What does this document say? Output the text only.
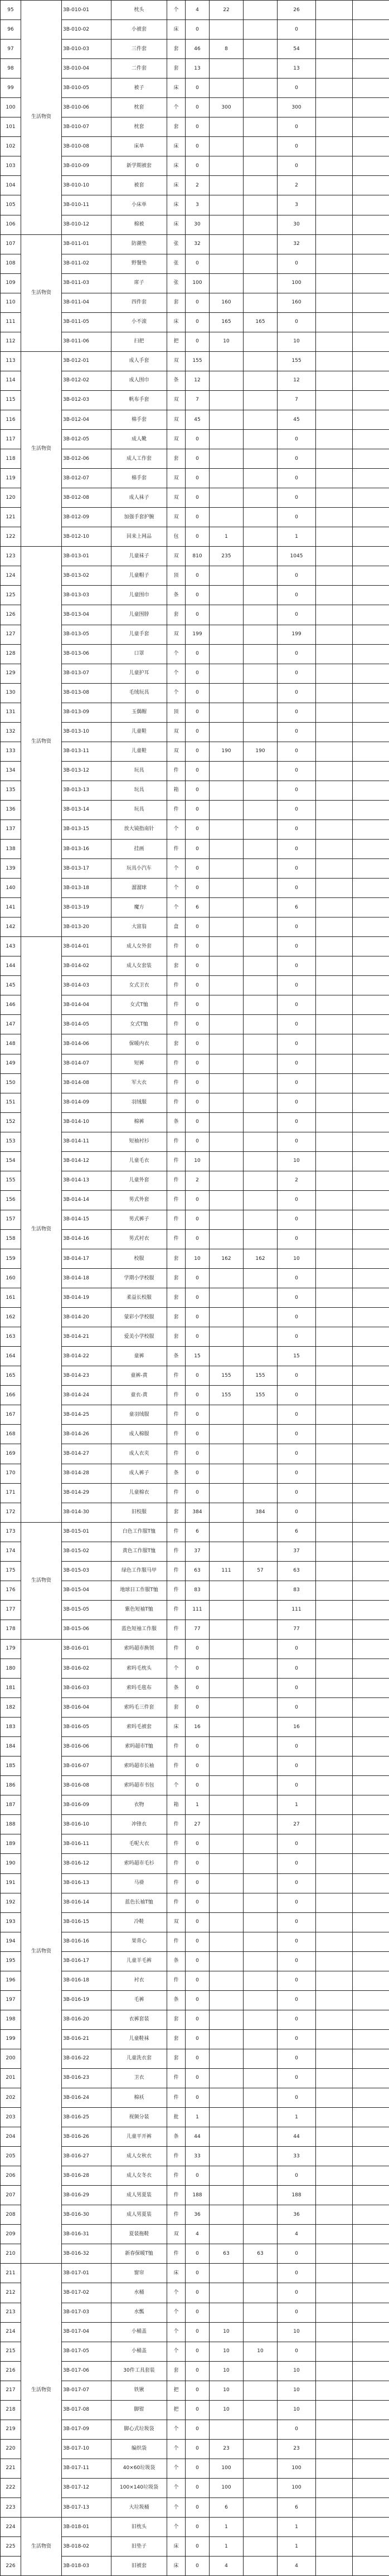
95	生活物资	3B-010-01	枕头	个	4	22		26		
96		3B-010-02	小被套	床	0			0		
97		3B-010-03	三件套	套	46	8		54		
98		3B-010-04	二件套	套	13			13		
99		3B-010-05	被子	床	0			0		
100		3B-010-06	枕套	个	0	300		300		
101		3B-010-07	枕套	套	0			0		
102		3B-010-08	床单	床	0			0		
103		3B-010-09	新学期被套	床	0			0		
104		3B-010-10	被套	床	2			2		
105		3B-010-11	小床单	床	3			3		
106		3B-010-12	棉被	床	30			30		
107	生活物资	3B-011-01	防潮垫	张	32			32		
108		3B-011-02	野餐垫	张	0			0		
109		3B-011-03	席子	张	100			100		
110		3B-011-04	四件套	套	0	160		160		
111		3B-011-05	小不滚	床	0	165	165	0		
112		3B-011-06	扫把	把	0	10		10		
113	生活物资	3B-012-01	成人手套	双	155			155		
114		3B-012-02	成人围巾	条	12			12		
115		3B-012-03	帆布手套	双	7			7		
116		3B-012-04	棉手套	双	45			45		
117		3B-012-05	成人靴	双	0			0		
118		3B-012-06	成人工作套	套	0			0		
119		3B-012-07	棉手套	双	0			0		
120		3B-012-08	成人袜子	双	0			0		
121		3B-012-09	加强手套护腕	双	0			0		
122		3B-012-10	回来上网品	包	0	1		1		
123	生活物资	3B-013-01	儿童袜子	双	810	235		1045		
124		3B-013-02	儿童帽子	顶	0			0		
125		3B-013-03	儿童围巾	条	0			0		
126		3B-013-04	儿童围脖	套	0			0		
127		3B-013-05	儿童手套	双	199			199		
128		3B-013-06	口罩	个	0			0		
129		3B-013-07	儿童护耳	个	0			0		
130		3B-013-08	毛绒玩具	个	0			0		
131		3B-013-09	玉偶帽	顶	0			0		
132		3B-013-10	儿童鞋	双	0			0		
133		3B-013-11	儿童鞋	双	0	190	190	0		
134		3B-013-12	玩具	件	0			0		
135		3B-013-13	玩具	箱	0			0		
136		3B-013-14	玩具	件	0			0		
137		3B-013-15	放大镜指南针	个	0			0		
138		3B-013-16	挂画	件	0			0		
139		3B-013-17	玩具小汽车	个	0			0		
140		3B-013-18	溜溜球	个	0			0		
141		3B-013-19	魔方	个	6			6		
142		3B-013-20	大富翁	盒	0			0		
143	生活物资	3B-014-01	成人女外套	件	0			0		
144		3B-014-02	成人女套装	套	0			0		
145		3B-014-03	女式卫衣	件	0			0		
146		3B-014-04	女式T恤	件	0			0		
147		3B-014-05	女式T恤	件	0			0		
148		3B-014-06	保暖内衣	套	0			0		
149		3B-014-07	短裤	件	0			0		
150		3B-014-08	军大衣	件	0			0		
151		3B-014-09	羽绒服	件	0			0		
152		3B-014-10	棉裤	条	0			0		
153		3B-014-11	短袖衬衫	件	0			0		
154		3B-014-12	儿童毛衣	件	10			10		
155		3B-014-13	儿童外套	件	2			2		
156		3B-014-14	男式外套	件	0			0		
157		3B-014-15	男式裤子	件	0			0		
158		3B-014-16	男式衬衣	件	0			0		
159		3B-014-17	校服	套	10	162	162	10		
160		3B-014-18	学期小学校服	套	0			0		
161		3B-014-19	柔益长校服	套	0			0		
162		3B-014-20	蒙彩小学校服	套	0			0		
163		3B-014-21	爱美小学校服	套	0			0		
164		3B-014-22	童裤	条	15			15		
165		3B-014-23	童裤-黄	件	0	155	155	0		
166		3B-014-24	童衣-黄	件	0	155	155	0		
167		3B-014-25	童羽绒服	件	0			0		
168		3B-014-26	成人棉服	件	0			0		
169		3B-014-27	成人衣夹	件	0			0		
170		3B-014-28	成人裤子	条	0			0		
171		3B-014-29	儿童棉衣	件	0			0		
172		3B-014-30	旧校服	套	384		384	0		
173	生活物资	3B-015-01	白色工作服T恤	件	6			6		
174		3B-015-02	黄色工作服T恤	件	37			37		
175		3B-015-03	绿色工作服马甲	件	63	111	57	63		
176		3B-015-04	地球日工作服T恤	件	83			83		
177		3B-015-05	紫色短袖T恤	件	111			111		
178		3B-015-06	蓝色短袖工作服	件	77			77		
179	生活物资	3B-016-01	索吗超市换领	件	0			0		
180		3B-016-02	索吗毛枕头	个	0			0		
181		3B-016-03	索吗毛毯布	条	0			0		
182		3B-016-04	索吗毛三件套	套	0			0		
183		3B-016-05	索吗毛被套	床	16			16		
184		3B-016-06	索吗超市T恤	件	0			0		
185		3B-016-07	索吗超市长袖	件	0			0		
186		3B-016-08	索吗超市书包	个	0			0		
187		3B-016-09	衣物	箱	1			1		
188		3B-016-10	冲锋衣	件	27			27		
189		3B-016-11	毛呢大衣	件	0			0		
190		3B-016-12	索吗超市毛衫	件	0			0		
191		3B-016-13	马褂	件	0			0		
192		3B-016-14	蓝色长袖T恤	件	0			0		
193		3B-016-15	冷鞋	双	0			0		
194		3B-016-16	果背心	件	0			0		
195		3B-016-17	儿童羊毛裤	条	0			0		
196		3B-016-18	衬衣	件	0			0		
197		3B-016-19	毛裤	条	0			0		
198		3B-016-20	衣裤套装	套	0			0		
199		3B-016-21	儿童鞋袜	套	0			0		
200		3B-016-22	儿童洗衣套	套	0			0		
201		3B-016-23	卫衣	件	0			0		
202		3B-016-24	棉袄	件	0			0		
203		3B-016-25	视频分装	批	1			1		
204		3B-016-26	儿童平开裤	条	44			44		
205		3B-016-27	成人女秋衣	件	33			33		
206		3B-016-28	成人女冬衣	件	0			0		
207		3B-016-29	成人男夏装	件	188			188		
208		3B-016-30	成人男夏装	件	36			36		
209		3B-016-31	夏装拖鞋	双	4			4		
210		3B-016-32	新春保暖T恤	件	0	63	63	0		
211	生活物资	3B-017-01	窗帘	床	0			0		
212		3B-017-02	水桶	个	0			0		
213		3B-017-03	水瓢	个	0			0		
214		3B-017-04	小桶盖	个	0	10		10		
215		3B-017-05	小桶盖	个	0	10	10	0		
216		3B-017-06	30件工具套装	套	0	10		10		
217		3B-017-07	铁锹	把	0	10		10		
218		3B-017-08	脚钳	把	0	10		10		
219		3B-017-09	脚心式垃圾袋	个	0			0		
220		3B-017-10	编织袋	个	0	23		23		
221		3B-017-11	40×60垃圾袋	个	0	100		100		
222		3B-017-12	100×140垃圾袋	个	0	100		100		
223		3B-017-13	大垃圾桶	个	0	6		6		
224	生活物资	3B-018-01	旧枕头	个	0	1		1		
225		3B-018-02	旧垫子	床	0	1		1		
226		3B-018-03	旧被套	床	0	4		4		
